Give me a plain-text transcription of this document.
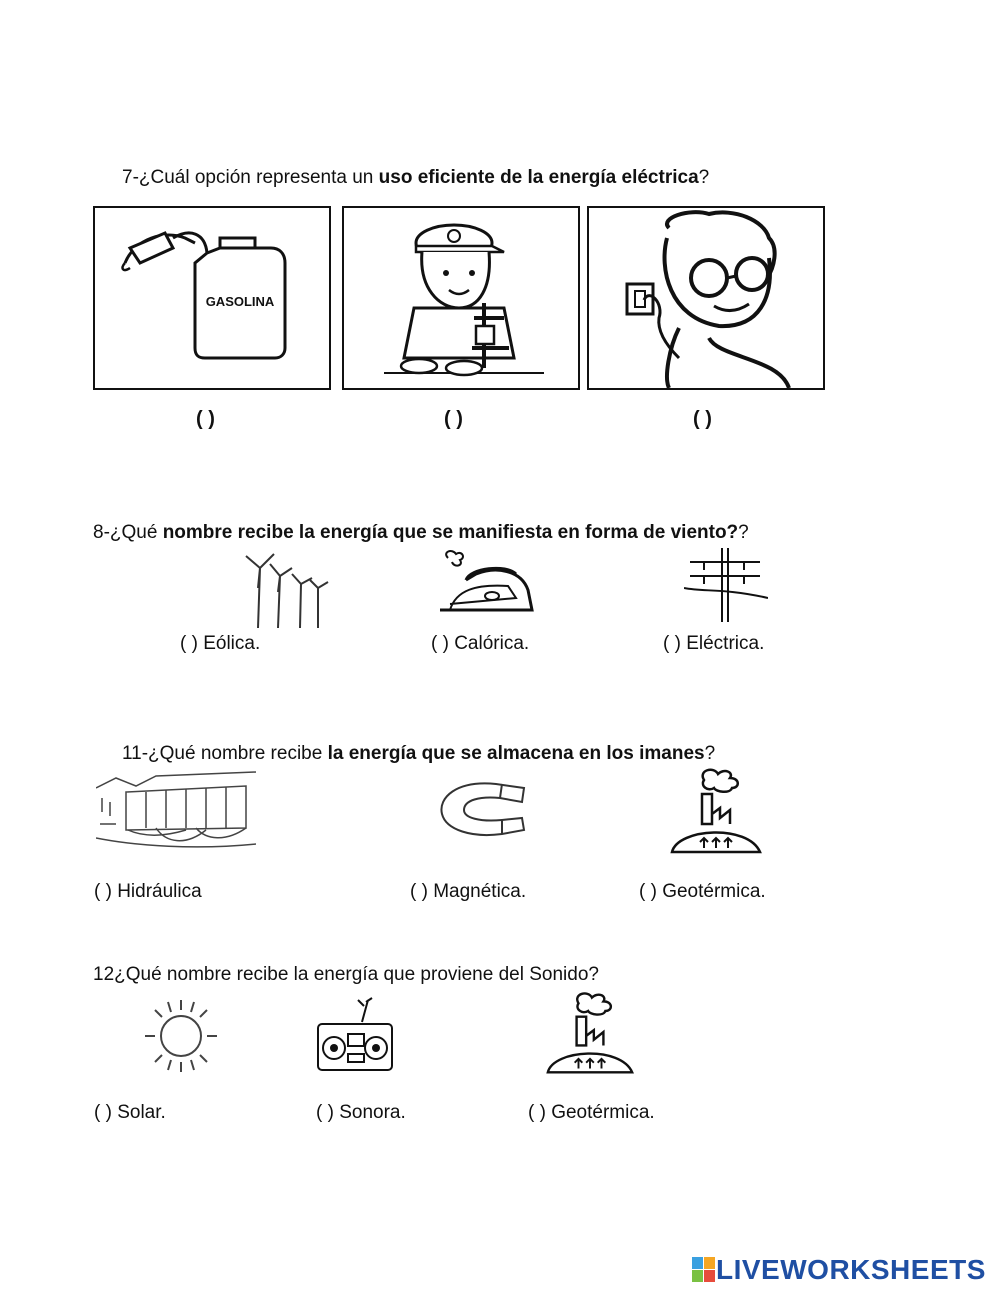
7-¿Cuál opción representa un uso eficiente de la energía eléctrica?
GASOLINA
( )	( )	( )
8-¿Qué nombre recibe la energía que se manifiesta en forma de viento??
( ) Eólica.	( ) Calórica.	( ) Eléctrica.
11-¿Qué nombre recibe la energía que se almacena en los imanes?
( ) Hidráulica	( ) Magnética.	( ) Geotérmica.
12¿Qué nombre recibe la energía que proviene del Sonido?
( ) Solar.	( ) Sonora.	( ) Geotérmica.
LIVEWORKSHEETS
